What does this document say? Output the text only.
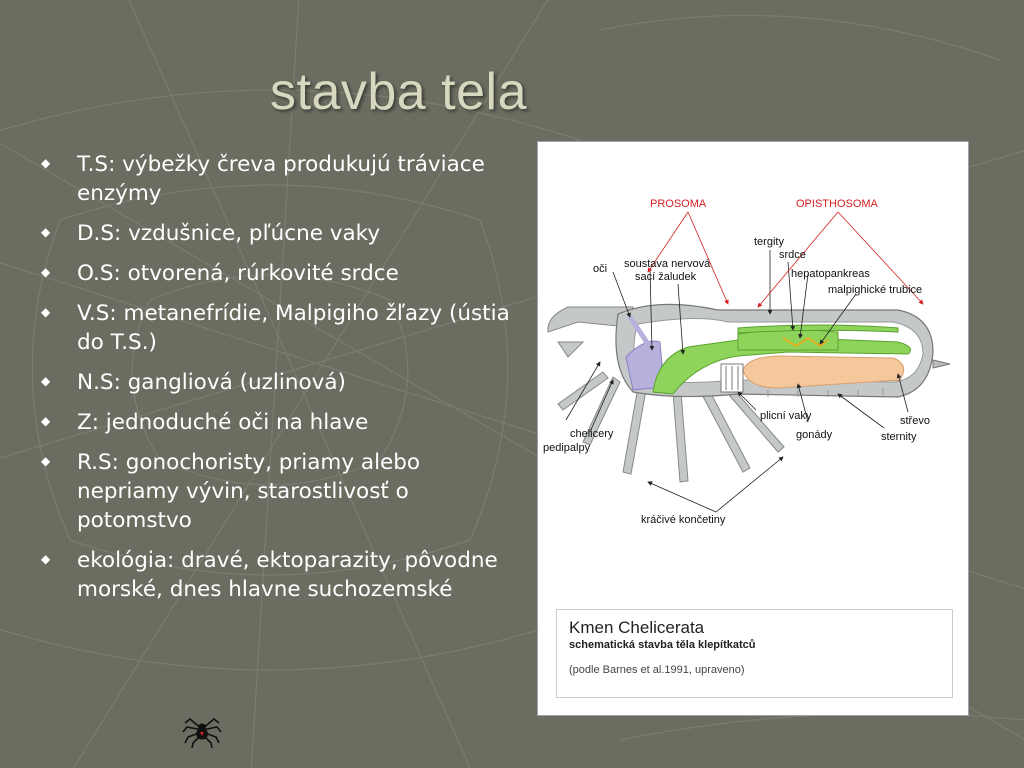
stavba tela
◆ T.S: výbežky čreva produkujú tráviace enzýmy
◆ D.S: vzdušnice, pľúcne vaky
◆ O.S: otvorená, rúrkovité srdce
◆ V.S: metanefrídie, Malpigiho žľazy (ústia do T.S.)
◆ N.S: gangliová (uzlinová)
◆ Z: jednoduché oči na hlave
◆ R.S: gonochoristy, priamy alebo nepriamy vývin, starostlivosť o potomstvo
◆ ekológia: dravé, ektoparazity, pôvodne morské, dnes hlavne suchozemské
PROSOMA	OPISTHOSOMA
tergity
srdce
oči soustava nervová
sací žaludek	hepatopankreas
malpighické trubice
chelicery
pedipalpy
plicní vaky
gonády
střevo
sternity
kráčivé končetiny
Kmen Chelicerata
schematická stavba těla klepítkatců
(podle Barnes et al.1991, upraveno)
